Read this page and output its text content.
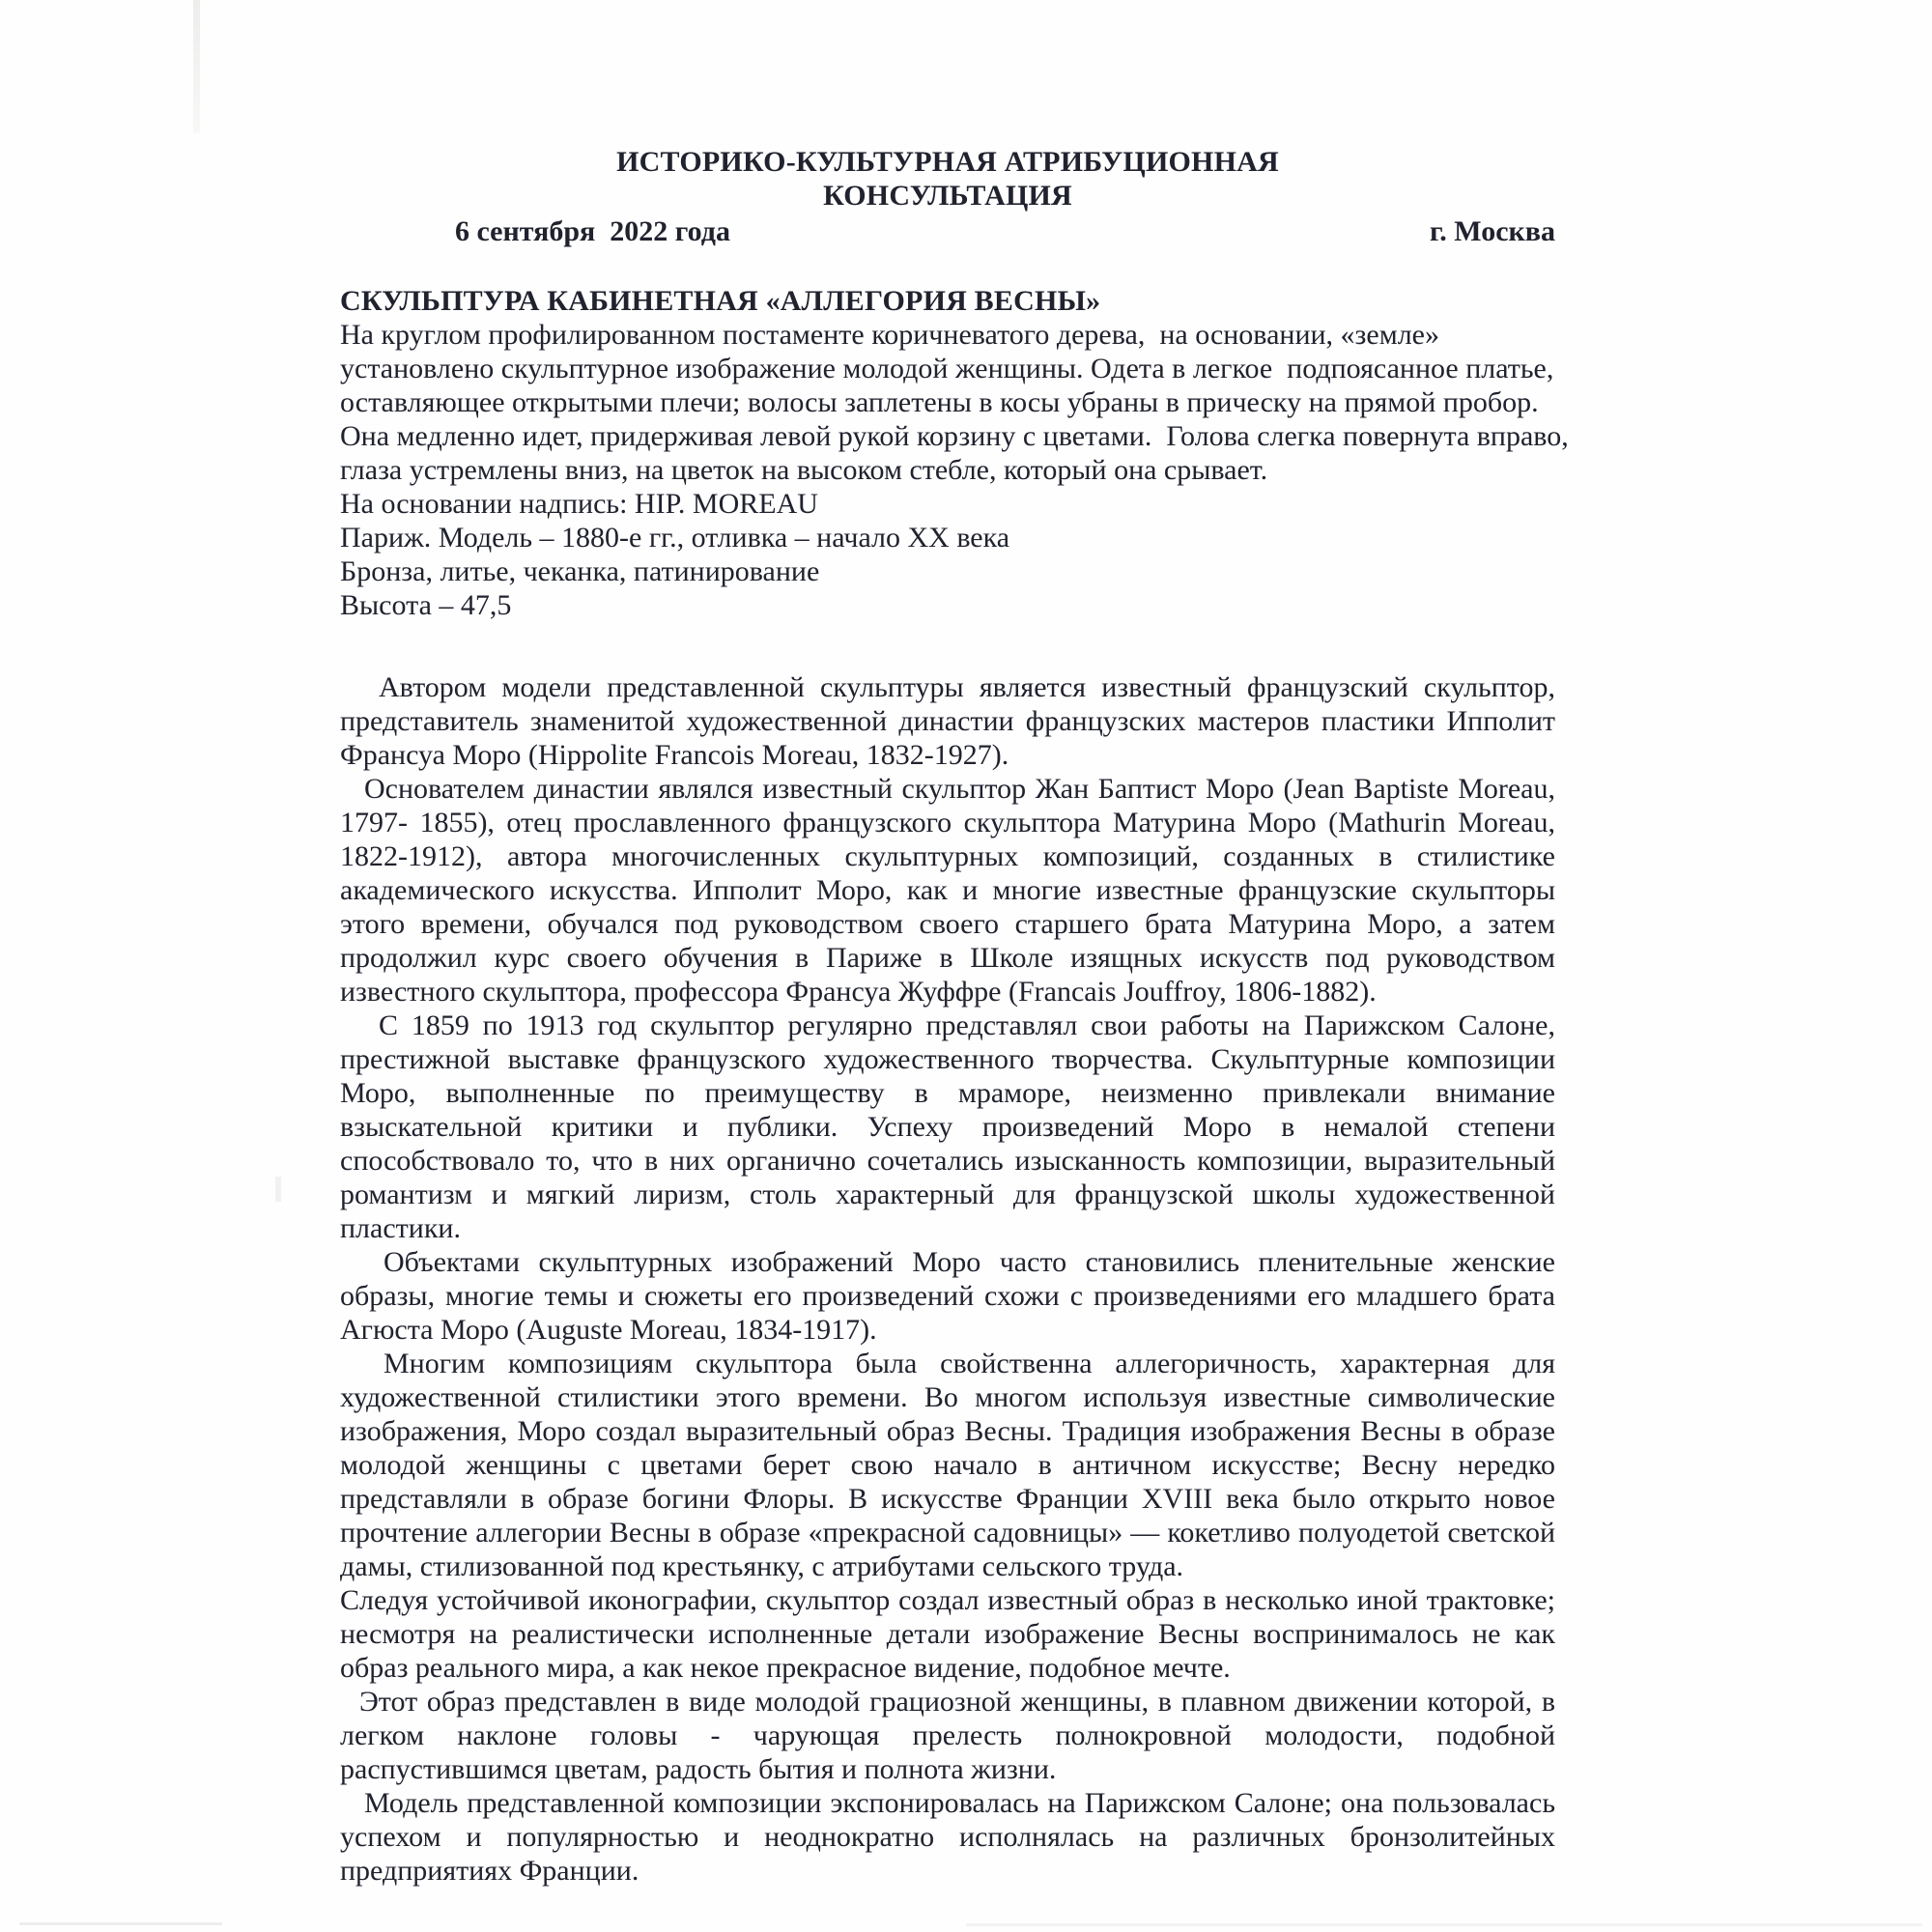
ИСТОРИКО-КУЛЬТУРНАЯ АТРИБУЦИОННАЯ
КОНСУЛЬТАЦИЯ
6 сентября  2022 года	г. Москва
СКУЛЬПТУРА КАБИНЕТНАЯ «АЛЛЕГОРИЯ ВЕСНЫ»
На круглом профилированном постаменте коричневатого дерева,  на основании, «земле»
установлено скульптурное изображение молодой женщины. Одета в легкое  подпоясанное платье,
оставляющее открытыми плечи; волосы заплетены в косы убраны в прическу на прямой пробор.
Она медленно идет, придерживая левой рукой корзину с цветами.  Голова слегка повернута вправо,
глаза устремлены вниз, на цветок на высоком стебле, который она срывает.
На основании надпись: HIP. MOREAU
Париж. Модель – 1880-е гг., отливка – начало ХХ века
Бронза, литье, чеканка, патинирование
Высота – 47,5

Автором модели представленной скульптуры является известный французский скульптор, представитель знаменитой художественной династии французских мастеров пластики Ипполит Франсуа Моро (Hippolite Francois Moreau, 1832-1927).

Основателем династии являлся известный скульптор Жан Баптист Моро (Jean Baptiste Moreau, 1797- 1855), отец прославленного французского скульптора Матурина Моро (Mathurin Moreau, 1822-1912), автора многочисленных скульптурных композиций, созданных в стилистике академического искусства. Ипполит Моро, как и многие известные французские скульпторы этого времени, обучался под руководством своего старшего брата Матурина Моро, а затем продолжил курс своего обучения в Париже в Школе изящных искусств под руководством известного скульптора, профессора Франсуа Жуффре (Francais Jouffroy, 1806-1882).

С 1859 по 1913 год скульптор регулярно представлял свои работы на Парижском Салоне, престижной выставке французского художественного творчества. Скульптурные композиции Моро, выполненные по преимуществу в мраморе, неизменно привлекали внимание взыскательной критики и публики. Успеху произведений Моро в немалой степени способствовало то, что в них органично сочетались изысканность композиции, выразительный романтизм и мягкий лиризм, столь характерный для французской школы художественной пластики.

Объектами скульптурных изображений Моро часто становились пленительные женские образы, многие темы и сюжеты его произведений схожи с произведениями его младшего брата Агюста Моро (Auguste Moreau, 1834-1917).

Многим композициям скульптора была свойственна аллегоричность, характерная для художественной стилистики этого времени. Во многом используя известные символические изображения, Моро создал выразительный образ Весны. Традиция изображения Весны в образе молодой женщины с цветами берет свою начало в античном искусстве; Весну нередко представляли в образе богини Флоры. В искусстве Франции XVIII века было открыто новое прочтение аллегории Весны в образе «прекрасной садовницы» — кокетливо полуодетой светской дамы, стилизованной под крестьянку, с атрибутами сельского труда.

Следуя устойчивой иконографии, скульптор создал известный образ в несколько иной трактовке; несмотря на реалистически исполненные детали изображение Весны воспринималось не как образ реального мира, а как некое прекрасное видение, подобное мечте.

Этот образ представлен в виде молодой грациозной женщины, в плавном движении которой, в легком наклоне головы - чарующая прелесть полнокровной молодости, подобной распустившимся цветам, радость бытия и полнота жизни.

Модель представленной композиции экспонировалась на Парижском Салоне; она пользовалась успехом и популярностью и неоднократно исполнялась на различных бронзолитейных предприятиях Франции.
